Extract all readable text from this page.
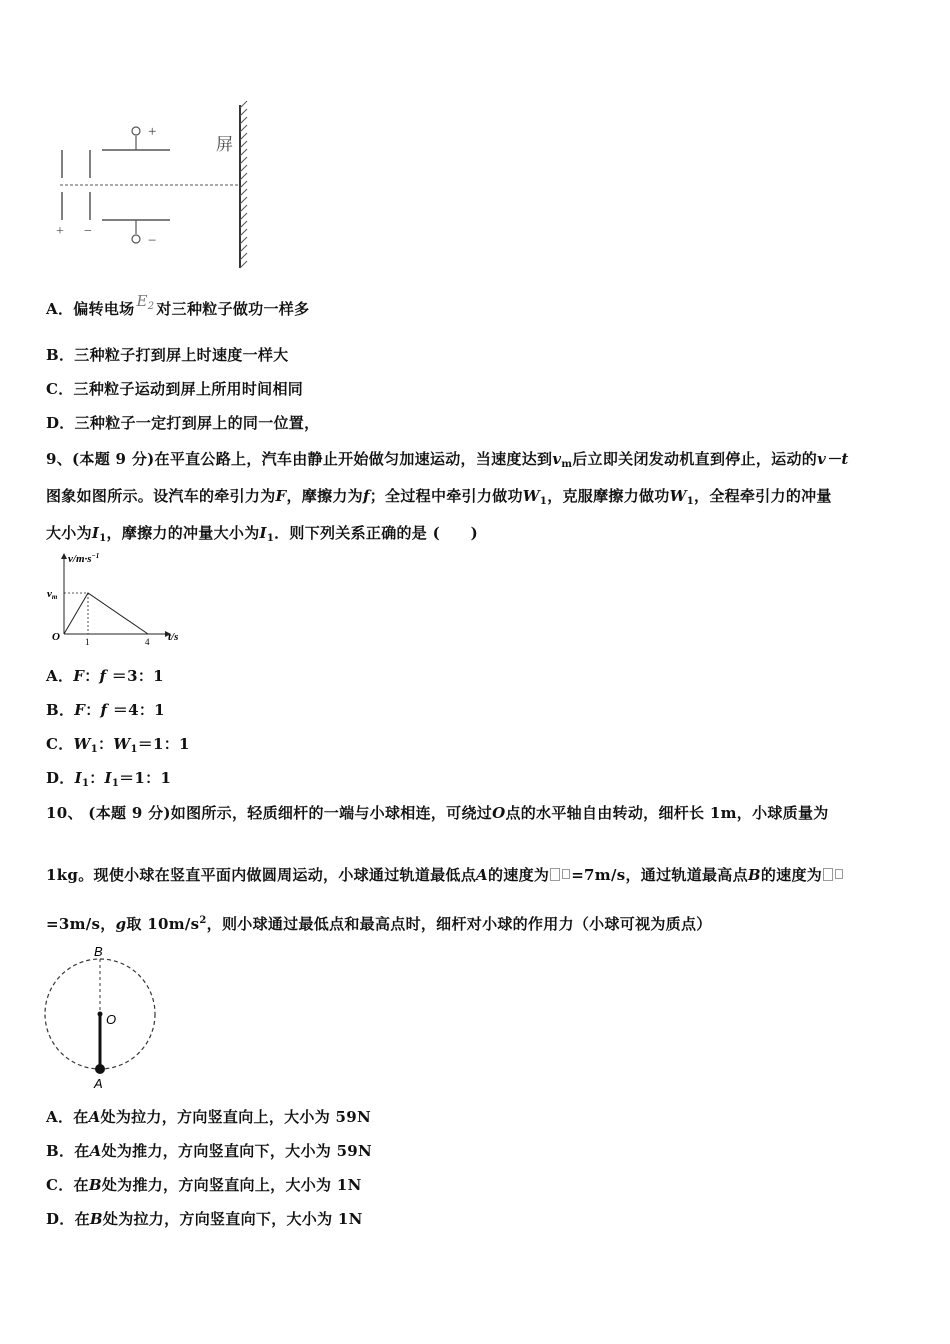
屏
+
−
+ −
A．偏转电场 $E_2$ 对三种粒子做功一样多
B．三种粒子打到屏上时速度一样大
C．三种粒子运动到屏上所用时间相同
D．三种粒子一定打到屏上的同一位置，
9、(本题 9 分)在平直公路上，汽车由静止开始做匀加速运动，当速度达到$v_m$后立即关闭发动机直到停止，运动的v－t
图象如图所示。设汽车的牵引力为F，摩擦力为f；全过程中牵引力做功$W_1$，克服摩擦力做功$W_1$，全程牵引力的冲量
大小为$I_1$，摩擦力的冲量大小为$I_1$．则下列关系正确的是 (　　)
$v/m\cdot s^{-1}$
vm
O	1	4 t/s
A．F：f ＝3：1
B．F：f ＝4：1
C．$W_1$：$W_1=1$：1
D．$I_1$：$I_1=1$：1
10、 (本题 9 分)如图所示，轻质细杆的一端与小球相连，可绕过O点的水平轴自由转动，细杆长 1m，小球质量为
1kg。现使小球在竖直平面内做圆周运动，小球通过轨道最低点A的速度为 =7m/s，通过轨道最高点B的速度为
=3m/s，g取 $10m/s^2$，则小球通过最低点和最高点时，细杆对小球的作用力（小球可视为质点）
B
O
A
A．在A处为拉力，方向竖直向上，大小为 59N
B．在A处为推力，方向竖直向下，大小为 59N
C．在B处为推力，方向竖直向上，大小为 1N
D．在B处为拉力，方向竖直向下，大小为 1N
